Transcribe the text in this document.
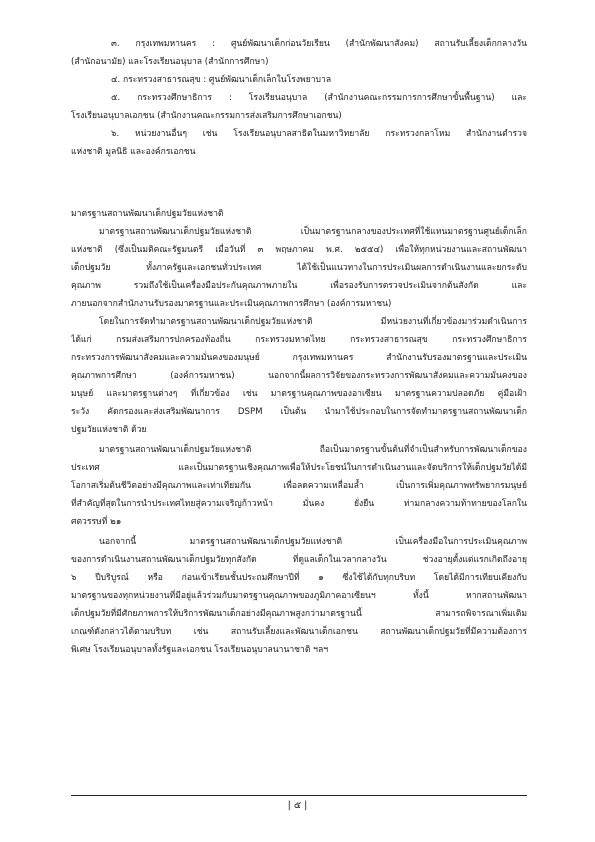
๓. กรุงเทพมหานคร : ศูนย์พัฒนาเด็กก่อนวัยเรียน (สำนักพัฒนาสังคม) สถานรับเลี้ยงเด็กกลางวัน
(สำนักอนามัย) และโรงเรียนอนุบาล (สำนักการศึกษา)
๔. กระทรวงสาธารณสุข : ศูนย์พัฒนาเด็กเล็กในโรงพยาบาล
๕. กระทรวงศึกษาธิการ : โรงเรียนอนุบาล (สำนักงานคณะกรรมการการศึกษาขั้นพื้นฐาน) และ
โรงเรียนอนุบาลเอกชน (สำนักงานคณะกรรมการส่งเสริมการศึกษาเอกชน)
๖. หน่วยงานอื่นๆ เช่น โรงเรียนอนุบาลสาธิตในมหาวิทยาลัย กระทรวงกลาโหม สำนักงานตำรวจ
แห่งชาติ มูลนิธิ และองค์กรเอกชน
มาตรฐานสถานพัฒนาเด็กปฐมวัยแห่งชาติ
มาตรฐานสถานพัฒนาเด็กปฐมวัยแห่งชาติ เป็นมาตรฐานกลางของประเทศที่ใช้แทนมาตรฐานศูนย์เด็กเล็ก
แห่งชาติ (ซึ่งเป็นมติคณะรัฐมนตรี เมื่อวันที่ ๓ พฤษภาคม พ.ศ. ๒๕๕๔) เพื่อให้ทุกหน่วยงานและสถานพัฒนา
เด็กปฐมวัย ทั้งภาครัฐและเอกชนทั่วประเทศ ได้ใช้เป็นแนวทางในการประเมินผลการดำเนินงานและยกระดับ
คุณภาพ รวมถึงใช้เป็นเครื่องมือประกันคุณภาพภายใน เพื่อรองรับการตรวจประเมินจากต้นสังกัด และ
ภายนอกจากสำนักงานรับรองมาตรฐานและประเมินคุณภาพการศึกษา (องค์การมหาชน)
โดยในการจัดทำมาตรฐานสถานพัฒนาเด็กปฐมวัยแห่งชาติ มีหน่วยงานที่เกี่ยวข้องมาร่วมดำเนินการ
ได้แก่ กรมส่งเสริมการปกครองท้องถิ่น กระทรวงมหาดไทย กระทรวงสาธารณสุข กระทรวงศึกษาธิการ
กระทรวงการพัฒนาสังคมและความมั่นคงของมนุษย์ กรุงเทพมหานคร สำนักงานรับรองมาตรฐานและประเมิน
คุณภาพการศึกษา (องค์การมหาชน) นอกจากนี้ผลการวิจัยของกระทรวงการพัฒนาสังคมและความมั่นคงของ
มนุษย์ และมาตรฐานต่างๆ ที่เกี่ยวข้อง เช่น มาตรฐานคุณภาพของอาเซียน มาตรฐานความปลอดภัย คู่มือเฝ้า
ระวัง คัดกรองและส่งเสริมพัฒนาการ DSPM เป็นต้น นำมาใช้ประกอบในการจัดทำมาตรฐานสถานพัฒนาเด็ก
ปฐมวัยแห่งชาติ ด้วย
มาตรฐานสถานพัฒนาเด็กปฐมวัยแห่งชาติ ถือเป็นมาตรฐานขั้นต้นที่จำเป็นสำหรับการพัฒนาเด็กของ
ประเทศ และเป็นมาตรฐานเชิงคุณภาพเพื่อให้ประโยชน์ในการดำเนินงานและจัดบริการให้เด็กปฐมวัยได้มี
โอกาสเริ่มต้นชีวิตอย่างมีคุณภาพและเท่าเทียมกัน เพื่อลดความเหลื่อมล้ำ เป็นการเพิ่มคุณภาพทรัพยากรมนุษย์
ที่สำคัญที่สุดในการนำประเทศไทยสู่ความเจริญก้าวหน้า มั่นคง ยั่งยืน ท่ามกลางความท้าทายของโลกใน
ศตวรรษที่ ๒๑
นอกจากนี้ มาตรฐานสถานพัฒนาเด็กปฐมวัยแห่งชาติ เป็นเครื่องมือในการประเมินคุณภาพ
ของการดำเนินงานสถานพัฒนาเด็กปฐมวัยทุกสังกัด ที่ดูแลเด็กในเวลากลางวัน ช่วงอายุตั้งแต่แรกเกิดถึงอายุ
๖ ปีบริบูรณ์ หรือ ก่อนเข้าเรียนชั้นประถมศึกษาปีที่ ๑ ซึ่งใช้ได้กับทุกบริบท โดยได้มีการเทียบเคียงกับ
มาตรฐานของทุกหน่วยงานที่มีอยู่แล้วร่วมกับมาตรฐานคุณภาพของภูมิภาคอาเซียนฯ ทั้งนี้ หากสถานพัฒนา
เด็กปฐมวัยที่มีศักยภาพการให้บริการพัฒนาเด็กอย่างมีคุณภาพสูงกว่ามาตรฐานนี้ สามารถพิจารณาเพิ่มเติม
เกณฑ์ดังกล่าวได้ตามบริบท เช่น สถานรับเลี้ยงและพัฒนาเด็กเอกชน สถานพัฒนาเด็กปฐมวัยที่มีความต้องการ
พิเศษ โรงเรียนอนุบาลทั้งรัฐและเอกชน โรงเรียนอนุบาลนานาชาติ ฯลฯ
| ๕ |
